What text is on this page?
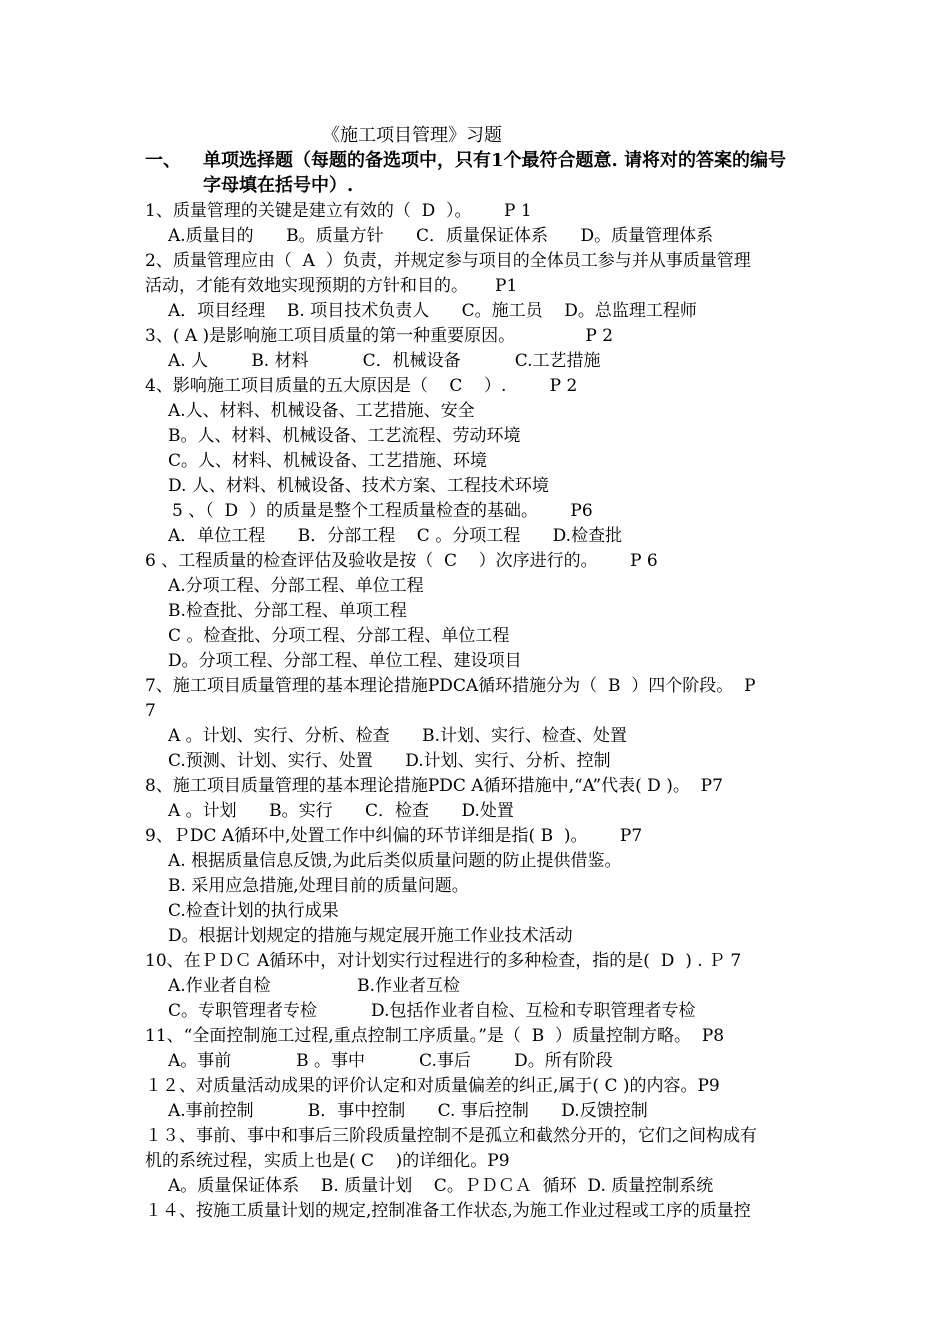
《施工项目管理》习题
一、 单项选择题（每题的备选项中，只有1个最符合题意. 请将对的答案的编号
字母填在括号中）.
1、质量管理的关键是建立有效的（  D  ）。      P 1
A.质量目的      B。质量方针      C．质量保证体系      D。质量管理体系
2、质量管理应由（  A  ）负责，并规定参与项目的全体员工参与并从事质量管理
活动，才能有效地实现预期的方针和目的。     P1
A．项目经理    B. 项目技术负责人      C。施工员    D。总监理工程师
3、( A )是影响施工项目质量的第一种重要原因。             P 2
A. 人        B. 材料          C．机械设备          C.工艺措施
4、影响施工项目质量的五大原因是（    C    ）.        P 2
A.人、材料、机械设备、工艺措施、安全
B。人、材料、机械设备、工艺流程、劳动环境
C。人、材料、机械设备、工艺措施、环境
D. 人、材料、机械设备、技术方案、工程技术环境
5 、（  D  ）的质量是整个工程质量检查的基础。      P6
A．单位工程      B．分部工程    C 。分项工程      D.检查批
6 、工程质量的检查评估及验收是按（  C    ）次序进行的。      P 6
A.分项工程、分部工程、单位工程
B.检查批、分部工程、单项工程
C 。检查批、分项工程、分部工程、单位工程
D。分项工程、分部工程、单位工程、建设项目
7、施工项目质量管理的基本理论措施PDCA循环措施分为（  B  ）四个阶段。  P
7
A 。计划、实行、分析、检查      B.计划、实行、检查、处置
C.预测、计划、实行、处置      D.计划、实行、分析、控制
8、施工项目质量管理的基本理论措施PDC A循环措施中,“A”代表( D )。  P7
A 。计划      B。实行      C．检查      D.处置
9、ＰDC A循环中,处置工作中纠偏的环节详细是指( B  )。      P7
A. 根据质量信息反馈,为此后类似质量问题的防止提供借鉴。
B. 采用应急措施,处理目前的质量问题。
C.检查计划的执行成果
D。根据计划规定的措施与规定展开施工作业技术活动
10、在ＰＤＣ A循环中，对计划实行过程进行的多种检查，指的是(  D  ) . Ｐ 7
A.作业者自检                B.作业者互检
C。专职管理者专检          D.包括作业者自检、互检和专职管理者专检
11、“全面控制施工过程,重点控制工序质量。”是（  B  ）质量控制方略。  P8
A。事前            B 。事中          C.事后        D。所有阶段
１２、对质量活动成果的评价认定和对质量偏差的纠正,属于( C )的内容。P9
A.事前控制          B．事中控制      C. 事后控制      D.反馈控制
１３、事前、事中和事后三阶段质量控制不是孤立和截然分开的，它们之间构成有
机的系统过程，实质上也是( C    )的详细化。P9
A。质量保证体系    B. 质量计划    C。ＰＤＣＡ  循环  D. 质量控制系统
１４、按施工质量计划的规定,控制准备工作状态,为施工作业过程或工序的质量控
